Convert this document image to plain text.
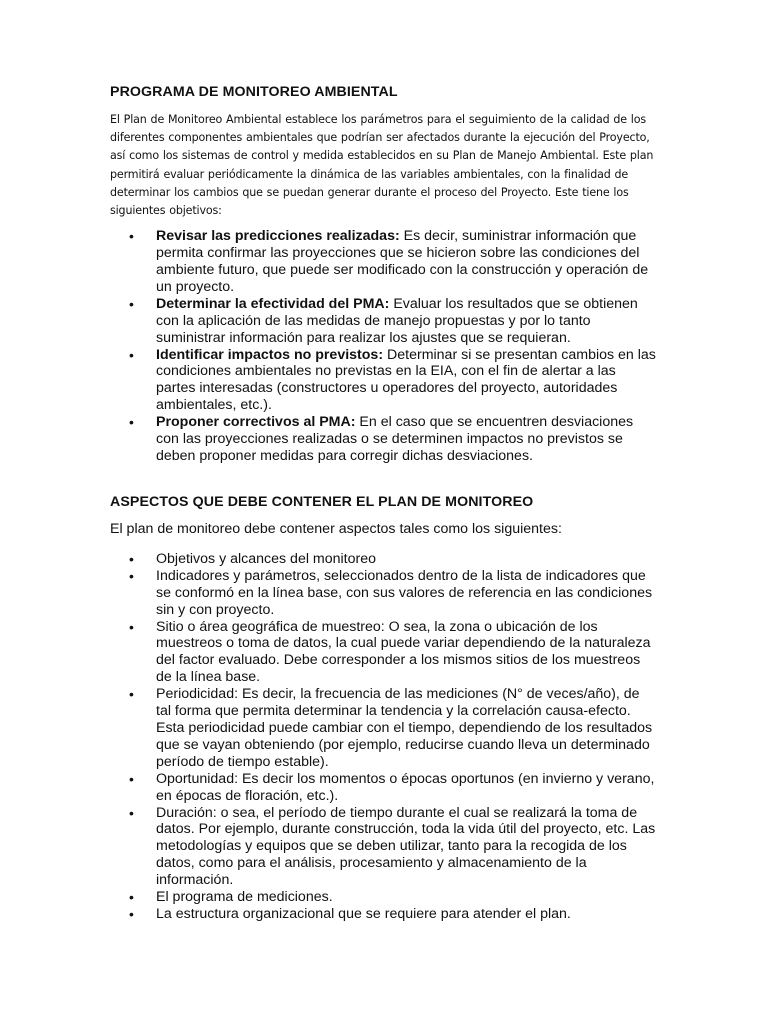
PROGRAMA DE MONITOREO AMBIENTAL

El Plan de Monitoreo Ambiental establece los parámetros para el seguimiento de la calidad de los diferentes componentes ambientales que podrían ser afectados durante la ejecución del Proyecto, así como los sistemas de control y medida establecidos en su Plan de Manejo Ambiental. Este plan permitirá evaluar periódicamente la dinámica de las variables ambientales, con la finalidad de determinar los cambios que se puedan generar durante el proceso del Proyecto. Este tiene los siguientes objetivos:

• Revisar las predicciones realizadas: Es decir, suministrar información que permita confirmar las proyecciones que se hicieron sobre las condiciones del ambiente futuro, que puede ser modificado con la construcción y operación de un proyecto.
• Determinar la efectividad del PMA: Evaluar los resultados que se obtienen con la aplicación de las medidas de manejo propuestas y por lo tanto suministrar información para realizar los ajustes que se requieran.
• Identificar impactos no previstos: Determinar si se presentan cambios en las condiciones ambientales no previstas en la EIA, con el fin de alertar a las partes interesadas (constructores u operadores del proyecto, autoridades ambientales, etc.).
• Proponer correctivos al PMA: En el caso que se encuentren desviaciones con las proyecciones realizadas o se determinen impactos no previstos se deben proponer medidas para corregir dichas desviaciones.
ASPECTOS QUE DEBE CONTENER EL PLAN DE MONITOREO

El plan de monitoreo debe contener aspectos tales como los siguientes:

• Objetivos y alcances del monitoreo
• Indicadores y parámetros, seleccionados dentro de la lista de indicadores que se conformó en la línea base, con sus valores de referencia en las condiciones sin y con proyecto.
• Sitio o área geográfica de muestreo: O sea, la zona o ubicación de los muestreos o toma de datos, la cual puede variar dependiendo de la naturaleza del factor evaluado. Debe corresponder a los mismos sitios de los muestreos de la línea base.
• Periodicidad: Es decir, la frecuencia de las mediciones (N° de veces/año), de tal forma que permita determinar la tendencia y la correlación causa-efecto. Esta periodicidad puede cambiar con el tiempo, dependiendo de los resultados que se vayan obteniendo (por ejemplo, reducirse cuando lleva un determinado período de tiempo estable).
• Oportunidad: Es decir los momentos o épocas oportunos (en invierno y verano, en épocas de floración, etc.).
• Duración: o sea, el período de tiempo durante el cual se realizará la toma de datos. Por ejemplo, durante construcción, toda la vida útil del proyecto, etc. Las metodologías y equipos que se deben utilizar, tanto para la recogida de los datos, como para el análisis, procesamiento y almacenamiento de la información.
• El programa de mediciones.
• La estructura organizacional que se requiere para atender el plan.
